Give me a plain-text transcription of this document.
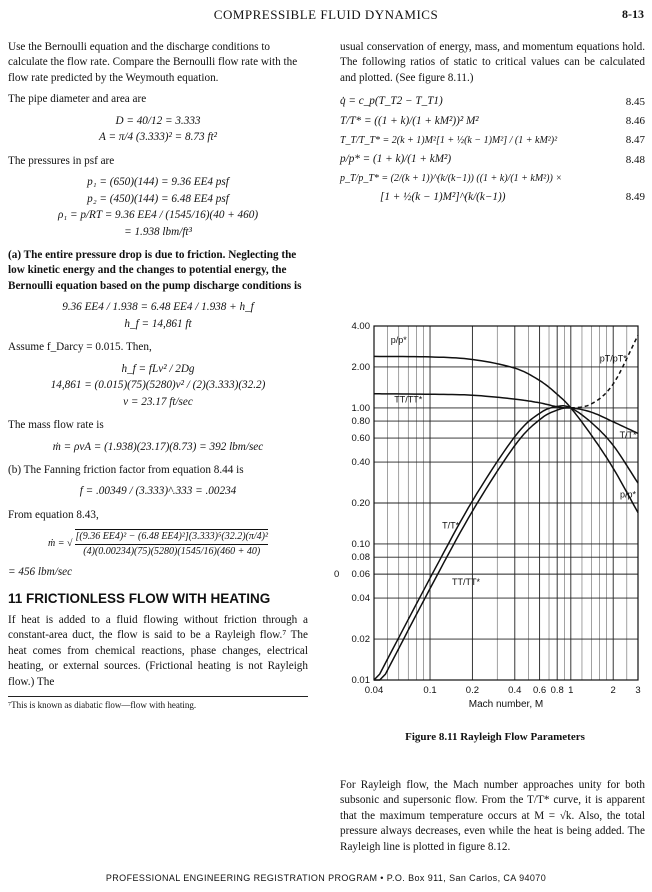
COMPRESSIBLE FLUID DYNAMICS	8-13

Use the Bernoulli equation and the discharge conditions to calculate the flow rate. Compare the Bernoulli flow rate with the flow rate predicted by the Weymouth equation.

The pipe diameter and area are

D = 40/12 = 3.333
A = π/4 (3.333)² = 8.73 ft²

The pressures in psf are

p₁ = (650)(144) = 9.36 EE4 psf
p₂ = (450)(144) = 6.48 EE4 psf
ρ₁ = p/RT = 9.36 EE4 / (1545/16)(40 + 460)
= 1.938 lbm/ft³

(a) The entire pressure drop is due to friction. Neglecting the low kinetic energy and the changes to potential energy, the Bernoulli equation based on the pump discharge conditions is

9.36 EE4 / 1.938 = 6.48 EE4 / 1.938 + h_f
h_f = 14,861 ft

Assume f_Darcy = 0.015. Then,

h_f = fLv² / 2Dg
14,861 = (0.015)(75)(5280)v² / (2)(3.333)(32.2)
v = 23.17 ft/sec

The mass flow rate is

ṁ = ρvA = (1.938)(23.17)(8.73) = 392 lbm/sec

(b) The Fanning friction factor from equation 8.44 is

f = .00349 / (3.333)^.333 = .00234

From equation 8.43,

ṁ = √ $\frac{\text{[(9.36 EE4)² − (6.48 EE4)²](3.333)⁵(32.2)(π/4)²}}{(4)(0.00234)(75)(5280)(1545/16)(460 + 40)}$
= 456 lbm/sec
11 FRICTIONLESS FLOW WITH HEATING

If heat is added to a fluid flowing without friction through a constant-area duct, the flow is said to be a Rayleigh flow.⁷ The heat comes from chemical reactions, phase changes, electrical heating, or external sources. (Frictional heating is not Rayleigh flow.) The

⁷This is known as diabatic flow—flow with heating.

usual conservation of energy, mass, and momentum equations hold. The following ratios of static to critical values can be calculated and plotted. (See figure 8.11.)

q̇ = c_p(T_T2 − T_T1)	8.45
T/T* = ((1 + k)/(1 + kM²))² M²	8.46
T_T/T_T* = 2(k + 1)M²[1 + ½(k − 1)M²] / (1 + kM²)²	8.47
p/p* = (1 + k)/(1 + kM²)	8.48
p_T/p_T* = (2/(k + 1))^(k/(k−1)) ((1 + k)/(1 + kM²)) ×
[1 + ½(k − 1)M²]^(k/(k−1))	8.49
0.04	0.1	0.2	0.4 0.6 0.8 1	2 3
0.01
0.02
0.04
0.06
0.08
0.10
0.20
0.40
0.60
0.80
1.00
2.00
4.00
0
Mach number, M
p/p*
pT/pT*
TT/TT*
T/T*
p/p*
T/T*
TT/TT*
Figure 8.11 Rayleigh Flow Parameters

For Rayleigh flow, the Mach number approaches unity for both subsonic and supersonic flow. From the T/T* curve, it is apparent that the maximum temperature occurs at M = √k. Also, the total pressure always decreases, even while the heat is being added. The Rayleigh line is plotted in figure 8.12.

PROFESSIONAL ENGINEERING REGISTRATION PROGRAM • P.O. Box 911, San Carlos, CA 94070
